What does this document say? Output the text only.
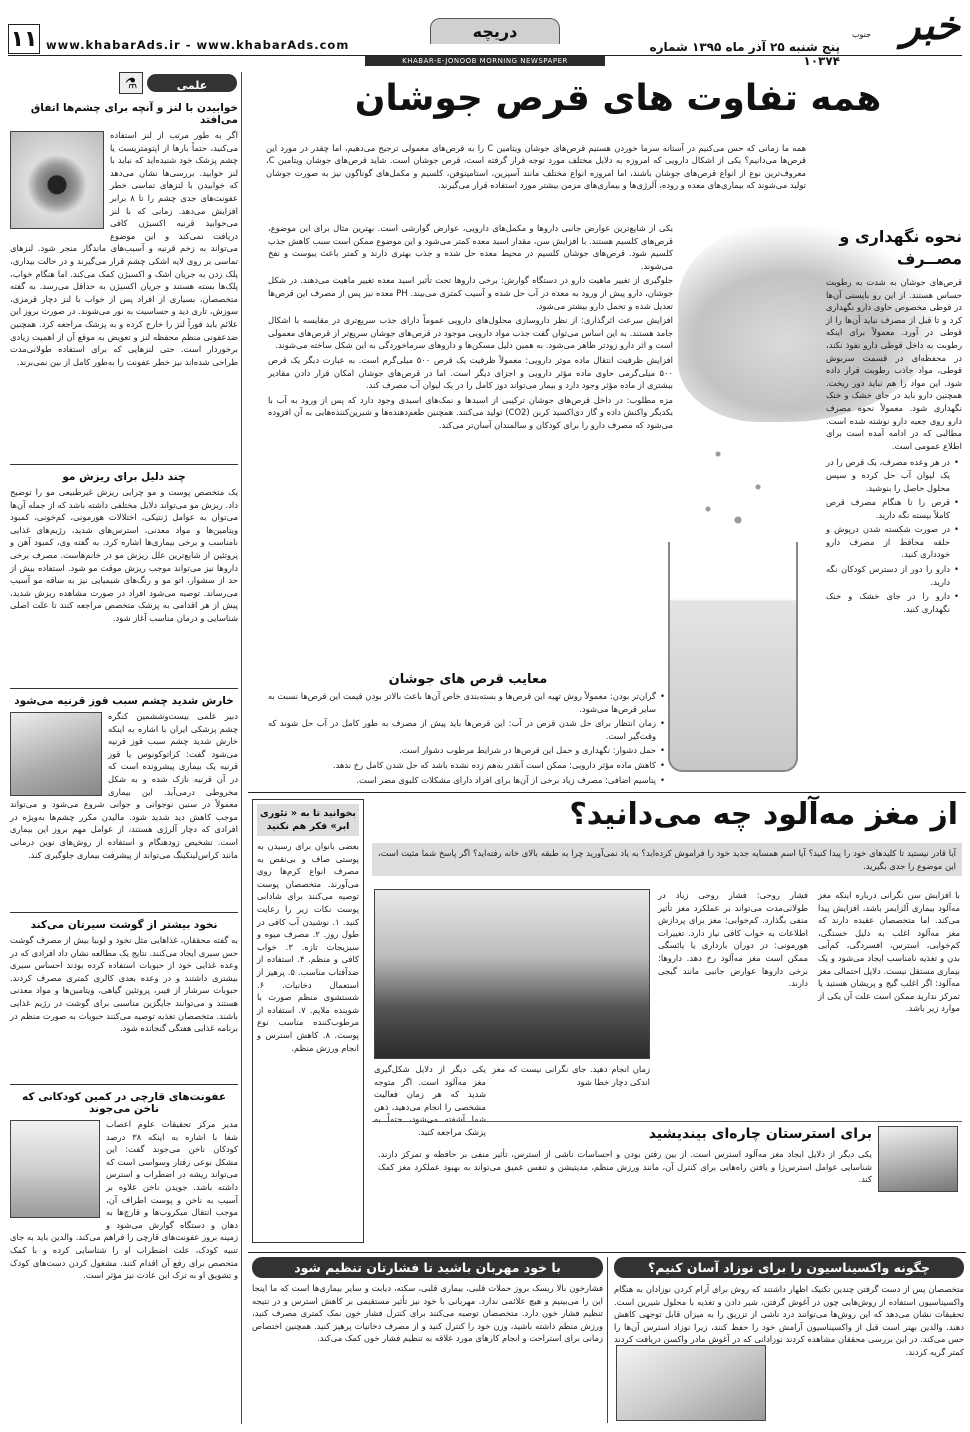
خبر
جنوب
پنج شنبه ۲۵ آذر ماه ۱۳۹۵ شماره ۱۰۳۷۴
دریچه
www.khabarAds.ir - www.khabarAds.com
۱۱
KHABAR-E-JONOOB MORNING NEWSPAPER
علمی
⚗
خوابیدن با لنز و آنچه برای چشم‌ها اتفاق می‌افتد
اگر به طور مرتب از لنز استفاده می‌کنید، حتماً بارها از اپتومتریست یا چشم پزشک خود شنیده‌اید که نباید با لنز خوابید. بررسی‌ها نشان می‌دهد که خوابیدن با لنزهای تماسی خطر عفونت‌های جدی چشم را تا ۸ برابر افزایش می‌دهد. زمانی که با لنز می‌خوابید قرنیه اکسیژن کافی دریافت نمی‌کند و این موضوع می‌تواند به زخم قرنیه و آسیب‌های ماندگار منجر شود. لنزهای تماسی بر روی لایه اشکی چشم قرار می‌گیرند و در حالت بیداری، پلک زدن به جریان اشک و اکسیژن کمک می‌کند. اما هنگام خواب، پلک‌ها بسته هستند و جریان اکسیژن به حداقل می‌رسد. به گفته متخصصان، بسیاری از افراد پس از خواب با لنز دچار قرمزی، سوزش، تاری دید و حساسیت به نور می‌شوند. در صورت بروز این علائم باید فوراً لنز را خارج کرده و به پزشک مراجعه کرد. همچنین ضدعفونی منظم محفظه لنز و تعویض به موقع آن از اهمیت زیادی برخوردار است. حتی لنزهایی که برای استفاده طولانی‌مدت طراحی شده‌اند نیز خطر عفونت را به‌طور کامل از بین نمی‌برند.
چند دلیل برای ریزش مو
یک متخصص پوست و مو چرایی ریزش غیرطبیعی مو را توضیح داد. ریزش مو می‌تواند دلایل مختلفی داشته باشد که از جمله آن‌ها می‌توان به عوامل ژنتیکی، اختلالات هورمونی، کم‌خونی، کمبود ویتامین‌ها و مواد معدنی، استرس‌های شدید، رژیم‌های غذایی نامناسب و برخی بیماری‌ها اشاره کرد. به گفته وی، کمبود آهن و پروتئین از شایع‌ترین علل ریزش مو در خانم‌هاست. مصرف برخی داروها نیز می‌تواند موجب ریزش موقت مو شود. استفاده بیش از حد از سشوار، اتو مو و رنگ‌های شیمیایی نیز به ساقه مو آسیب می‌رساند. توصیه می‌شود افراد در صورت مشاهده ریزش شدید، پیش از هر اقدامی به پزشک متخصص مراجعه کنند تا علت اصلی شناسایی و درمان مناسب آغاز شود.
خارش شدید چشم سبب قوز قرنیه می‌شود
دبیر علمی بیست‌وششمین کنگره چشم پزشکی ایران با اشاره به اینکه خارش شدید چشم سبب قوز قرنیه می‌شود گفت: کراتوکونوس یا قوز قرنیه یک بیماری پیشرونده است که در آن قرنیه نازک شده و به شکل مخروطی درمی‌آید. این بیماری معمولاً در سنین نوجوانی و جوانی شروع می‌شود و می‌تواند موجب کاهش دید شدید شود. مالیدن مکرر چشم‌ها به‌ویژه در افرادی که دچار آلرژی هستند، از عوامل مهم بروز این بیماری است. تشخیص زودهنگام و استفاده از روش‌های نوین درمانی مانند کراس‌لینکینگ می‌تواند از پیشرفت بیماری جلوگیری کند.
نخود بیشتر از گوشت سیرتان می‌کند
به گفته محققان، غذاهایی مثل نخود و لوبیا بیش از مصرف گوشت حس سیری ایجاد می‌کنند. نتایج یک مطالعه نشان داد افرادی که در وعده غذایی خود از حبوبات استفاده کرده بودند احساس سیری بیشتری داشتند و در وعده بعدی کالری کمتری مصرف کردند. حبوبات سرشار از فیبر، پروتئین گیاهی، ویتامین‌ها و مواد معدنی هستند و می‌توانند جایگزین مناسبی برای گوشت در رژیم غذایی باشند. متخصصان تغذیه توصیه می‌کنند حبوبات به صورت منظم در برنامه غذایی هفتگی گنجانده شود.
عفونت‌های قارچی در کمین کودکانی که ناخن می‌جوند
مدیر مرکز تحقیقات علوم اعصاب شفا با اشاره به اینکه ۳۸ درصد کودکان ناخن می‌جوند گفت: این مشکل نوعی رفتار وسواسی است که می‌تواند ریشه در اضطراب و استرس داشته باشد. جویدن ناخن علاوه بر آسیب به ناخن و پوست اطراف آن، موجب انتقال میکروب‌ها و قارچ‌ها به دهان و دستگاه گوارش می‌شود و زمینه بروز عفونت‌های قارچی را فراهم می‌کند. والدین باید به جای تنبیه کودک، علت اضطراب او را شناسایی کرده و با کمک متخصص برای رفع آن اقدام کنند. مشغول کردن دست‌های کودک و تشویق او به ترک این عادت نیز مؤثر است.
همه تفاوت های قرص جوشان
همه ما زمانی که حس می‌کنیم در آستانه سرما خوردن هستیم قرص‌های جوشان ویتامین C را به قرص‌های معمولی ترجیح می‌دهیم، اما چقدر در مورد این قرص‌ها می‌دانیم؟ یکی از اشکال دارویی که امروزه به دلایل مختلف مورد توجه قرار گرفته است، قرص جوشان است. شاید قرص‌های جوشان ویتامین C، معروف‌ترین نوع از انواع قرص‌های جوشان باشند، اما امروزه انواع مختلف مانند آسپرین، استامینوفن، کلسیم و مکمل‌های گوناگون نیز به صورت جوشان تولید می‌شوند که بیماری‌های معده و روده، آلرژی‌ها و بیماری‌های مزمن بیشتر مورد استفاده قرار می‌گیرند.

یکی از شایع‌ترین عوارض جانبی داروها و مکمل‌های دارویی، عوارض گوارشی است. بهترین مثال برای این موضوع، قرص‌های کلسیم هستند. با افزایش سن، مقدار اسید معده کمتر می‌شود و این موضوع ممکن است سبب کاهش جذب کلسیم شود. قرص‌های جوشان کلسیم در محیط معده حل شده و جذب بهتری دارند و کمتر باعث یبوست و نفخ می‌شوند.

جلوگیری از تغییر ماهیت دارو در دستگاه گوارش: برخی داروها تحت تأثیر اسید معده تغییر ماهیت می‌دهند. در شکل جوشان، دارو پیش از ورود به معده در آب حل شده و آسیب کمتری می‌بیند. PH معده نیز پس از مصرف این قرص‌ها تعدیل شده و تحمل دارو بیشتر می‌شود.

افزایش سرعت اثرگذاری: از نظر داروسازی محلول‌های دارویی عموماً دارای جذب سریع‌تری در مقایسه با اشکال جامد هستند. به این اساس می‌توان گفت جذب مواد دارویی موجود در قرص‌های جوشان سریع‌تر از قرص‌های معمولی است و اثر دارو زودتر ظاهر می‌شود. به همین دلیل مسکن‌ها و داروهای سرماخوردگی به این شکل ساخته می‌شوند.

افزایش ظرفیت انتقال ماده موثر دارویی: معمولاً ظرفیت یک قرص ۵۰۰ میلی‌گرم است. به عبارت دیگر یک قرص ۵۰۰ میلی‌گرمی حاوی ماده مؤثر دارویی و اجزای دیگر است. اما در قرص‌های جوشان امکان قرار دادن مقادیر بیشتری از ماده مؤثر وجود دارد و بیمار می‌تواند دوز کامل را در یک لیوان آب مصرف کند.

مزه مطلوب: در داخل قرص‌های جوشان ترکیبی از اسیدها و نمک‌های اسیدی وجود دارد که پس از ورود به آب با یکدیگر واکنش داده و گاز دی‌اکسید کربن (CO2) تولید می‌کنند. همچنین طعم‌دهنده‌ها و شیرین‌کننده‌هایی به آن افزوده می‌شود که مصرف دارو را برای کودکان و سالمندان آسان‌تر می‌کند.

معایب قرص های جوشان
• گران‌تر بودن: معمولاً روش تهیه این قرص‌ها و بسته‌بندی خاص آن‌ها باعث بالاتر بودن قیمت این قرص‌ها نسبت به سایر قرص‌ها می‌شود.
• زمان انتظار برای حل شدن قرص در آب: این قرص‌ها باید پیش از مصرف به طور کامل در آب حل شوند که وقت‌گیر است.
• حمل دشوار: نگهداری و حمل این قرص‌ها در شرایط مرطوب دشوار است.
• کاهش ماده مؤثر دارویی: ممکن است آنقدر به‌هم زده نشده باشد که حل شدن کامل رخ ندهد.
• پتاسیم اضافی: مصرف زیاد برخی از آن‌ها برای افراد دارای مشکلات کلیوی مضر است.
نحوه نگهداری و مصــرف
قرص‌های جوشان به شدت به رطوبت حساس هستند. از این رو بایستی آن‌ها در قوطی مخصوص حاوی دارو نگهداری کرد و تا قبل از مصرف نباید آن‌ها را از قوطی در آورد. معمولاً برای اینکه رطوبت به داخل قوطی دارو نفوذ نکند، در محفظه‌ای در قسمت سربوش قوطی، مواد جاذب رطوبت قرار داده شود. این مواد را هم نباید دور ریخت. همچنین دارو باید در جای خشک و خنک نگهداری شود. معمولاً نحوه مصرف دارو روی جعبه دارو نوشته شده است. مطالبی که در ادامه آمده است برای اطلاع عمومی است.
• در هر وعده مصرف، یک قرص را در یک لیوان آب حل کرده و سپس محلول حاصل را بنوشید.
• قرص را تا هنگام مصرف قرص کاملاً بپسته نگه دارید.
• در صورت شکسته شدن درپوش و حلقه محافظ از مصرف دارو خودداری کنید.
• دارو را دور از دسترس کودکان نگه دارید.
• دارو را در جای خشک و خنک نگهداری کنید.
بخوانید تا به « تئوری ابر» فکر هم نکنید
بعضی بانوان برای رسیدن به پوستی صاف و بی‌نقص به مصرف انواع کرم‌ها روی می‌آورند. متخصصان پوست توصیه می‌کنند برای شادابی پوست نکات زیر را رعایت کنید. ۱. نوشیدن آب کافی در طول روز. ۲. مصرف میوه و سبزیجات تازه. ۳. خواب کافی و منظم. ۴. استفاده از ضدآفتاب مناسب. ۵. پرهیز از استعمال دخانیات. ۶. شستشوی منظم صورت با شوینده ملایم. ۷. استفاده از مرطوب‌کننده مناسب نوع پوست. ۸. کاهش استرس و انجام ورزش منظم.
از مغز مه‌آلود چه می‌دانید؟
آیا قادر نیستید تا کلیدهای خود را پیدا کنید؟ آیا اسم همسایه جدید خود را فراموش کرده‌اید؟ به یاد نمی‌آورید چرا به طبقه بالای خانه رفته‌اید؟ اگر پاسخ شما مثبت است، این موضوع را جدی بگیرید.
با افزایش سن نگرانی درباره اینکه مغز مه‌آلود بیماری آلزایمر باشد، افزایش پیدا می‌کند. اما متخصصان عقیده دارند که مغز مه‌آلود اغلب به دلیل خستگی، کم‌خوابی، استرس، افسردگی، کم‌آبی بدن و تغذیه نامناسب ایجاد می‌شود و یک بیماری مستقل نیست. دلایل احتمالی مغز مه‌آلود: اگر اغلب گیج و پریشان هستید یا تمرکز ندارید ممکن است علت آن یکی از موارد زیر باشد.
فشار روحی: فشار روحی زیاد در طولانی‌مدت می‌تواند بر عملکرد مغز تأثیر منفی بگذارد. کم‌خوابی: مغز برای پردازش اطلاعات به خواب کافی نیاز دارد. تغییرات هورمونی: در دوران بارداری یا یائسگی ممکن است مغز مه‌آلود رخ دهد. داروها: برخی داروها عوارض جانبی مانند گیجی دارند.
زمان انجام دهید. جای نگرانی نیست که مغز اندکی دچار خطا شود
یکی دیگر از دلایل شکل‌گیری مغز مه‌آلود است. اگر متوجه شدید که هر زمان فعالیت مشخصی را انجام می‌دهید، ذهن شما آشفته می‌شود، حتماً به پزشک مراجعه کنید.	برای استرستان چاره‌ای بیندیشید
یکی دیگر از دلایل ایجاد مغز مه‌آلود استرس است. از بین رفتن بودن و احساسات ناشی از استرس، تأثیر منفی بر حافظه و تمرکز دارند. شناسایی عوامل استرس‌زا و یافتن راه‌هایی برای کنترل آن، مانند ورزش منظم، مدیتیشن و تنفس عمیق می‌تواند به بهبود عملکرد مغز کمک کند.
چگونه واکسیناسیون را برای نوزاد آسان کنیم؟
متخصصان پس از دست گرفتن چندین تکنیک اظهار داشتند که روش برای آرام کردن نوزادان به هنگام واکسیناسیون استفاده از روش‌هایی چون در آغوش گرفتن، شیر دادن و تغذیه با محلول شیرین است. تحقیقات نشان می‌دهد که این روش‌ها می‌توانند درد ناشی از تزریق را به میزان قابل توجهی کاهش دهند. والدین بهتر است قبل از واکسیناسیون آرامش خود را حفظ کنند، زیرا نوزاد استرس آن‌ها را حس می‌کند. در این بررسی محققان مشاهده کردند نوزادانی که در آغوش مادر واکسن دریافت کردند کمتر گریه کردند.
با خود مهربان باشید تا فشارتان تنظیم شود
فشارخون بالا ریسک بروز حملات قلبی، بیماری قلبی، سکته، دیابت و سایر بیماری‌ها است که ما اینجا این را می‌بینیم و هیچ علائمی ندارد. مهربانی با خود نیز تأثیر مستقیمی بر کاهش استرس و در نتیجه تنظیم فشار خون دارد. متخصصان توصیه می‌کنند برای کنترل فشار خون نمک کمتری مصرف کنید، ورزش منظم داشته باشید، وزن خود را کنترل کنید و از مصرف دخانیات پرهیز کنید. همچنین اختصاص زمانی برای استراحت و انجام کارهای مورد علاقه به تنظیم فشار خون کمک می‌کند.
